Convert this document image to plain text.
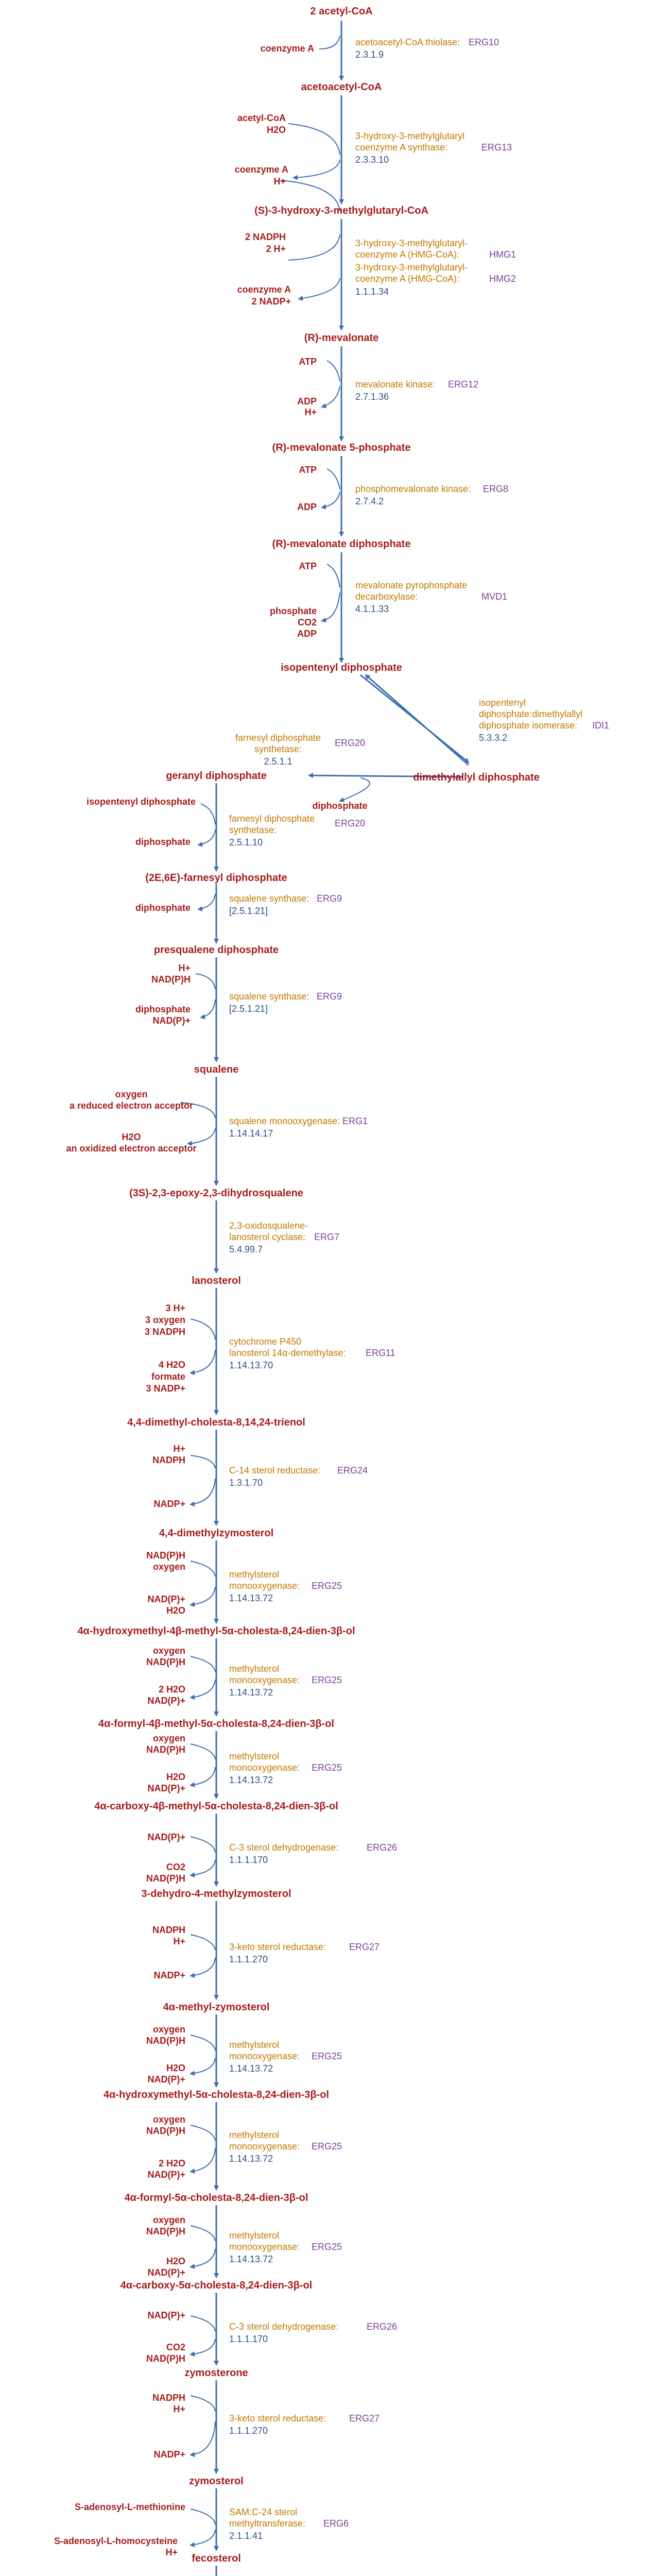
2 acetyl-CoA
acetoacetyl-CoA
(S)-3-hydroxy-3-methylglutaryl-CoA
(R)-mevalonate
(R)-mevalonate 5-phosphate
(R)-mevalonate diphosphate
isopentenyl diphosphate
dimethylallyl diphosphate
geranyl diphosphate
(2E,6E)-farnesyl diphosphate
presqualene diphosphate
squalene
(3S)-2,3-epoxy-2,3-dihydrosqualene
lanosterol
4,4-dimethyl-cholesta-8,14,24-trienol
4,4-dimethylzymosterol
4α-hydroxymethyl-4β-methyl-5α-cholesta-8,24-dien-3β-ol
4α-formyl-4β-methyl-5α-cholesta-8,24-dien-3β-ol
4α-carboxy-4β-methyl-5α-cholesta-8,24-dien-3β-ol
3-dehydro-4-methylzymosterol
4α-methyl-zymosterol
4α-hydroxymethyl-5α-cholesta-8,24-dien-3β-ol
4α-formyl-5α-cholesta-8,24-dien-3β-ol
4α-carboxy-5α-cholesta-8,24-dien-3β-ol
zymosterone
zymosterol
fecosterol
coenzyme A
acetyl-CoA
H2O
coenzyme A
H+
2 NADPH
2 H+
coenzyme A
2 NADP+
ATP
ADP
H+
ATP
ADP
ATP
phosphate
CO2
ADP
isopentenyl diphosphate
diphosphate
diphosphate
diphosphate
H+
NAD(P)H
diphosphate
NAD(P)+
oxygen
a reduced electron acceptor
H2O
an oxidized electron acceptor
3 H+
3 oxygen
3 NADPH
4 H2O
formate
3 NADP+
H+
NADPH
NADP+
NAD(P)H
oxygen
NAD(P)+
H2O
oxygen
NAD(P)H
2 H2O
NAD(P)+
oxygen
NAD(P)H
H2O
NAD(P)+
NAD(P)+
CO2
NAD(P)H
NADPH
H+
NADP+
oxygen
NAD(P)H
H2O
NAD(P)+
oxygen
NAD(P)H
2 H2O
NAD(P)+
oxygen
NAD(P)H
H2O
NAD(P)+
NAD(P)+
CO2
NAD(P)H
NADPH
H+
NADP+
S-adenosyl-L-methionine
S-adenosyl-L-homocysteine
H+
acetoacetyl-CoA thiolase: ERG10
2.3.1.9
3-hydroxy-3-methylglutaryl
coenzyme A synthase:	ERG13
2.3.3.10
3-hydroxy-3-methylglutaryl-
coenzyme A (HMG-CoA):	HMG1
3-hydroxy-3-methylglutaryl-
coenzyme A (HMG-CoA):	HMG2
1.1.1.34
mevalonate kinase: ERG12
2.7.1.36
phosphomevalonate kinase: ERG8
2.7.4.2
mevalonate pyrophosphate
decarboxylase:	MVD1
4.1.1.33
isopentenyl
diphosphate:dimethylallyl
diphosphate isomerase: IDI1
5.3.3.2
farnesyl diphosphate
synthetase:
ERG20
2.5.1.1
farnesyl diphosphate
synthetase:
ERG20
2.5.1.10
squalene synthase: ERG9
[2.5.1.21]
squalene synthase: ERG9
[2.5.1.21]
squalene monooxygenase: ERG1
1.14.14.17
2,3-oxidosqualene-
lanosterol cyclase: ERG7
5.4.99.7
cytochrome P450
lanosterol 14α-demethylase: ERG11
1.14.13.70
C-14 sterol reductase: ERG24
1.3.1.70
methylsterol
monooxygenase: ERG25
1.14.13.72
methylsterol
monooxygenase: ERG25
1.14.13.72
methylsterol
monooxygenase: ERG25
1.14.13.72
C-3 sterol dehydrogenase:	ERG26
1.1.1.170
3-keto sterol reductase: ERG27
1.1.1.270
methylsterol
monooxygenase: ERG25
1.14.13.72
methylsterol
monooxygenase: ERG25
1.14.13.72
methylsterol
monooxygenase: ERG25
1.14.13.72
C-3 sterol dehydrogenase:	ERG26
1.1.1.170
3-keto sterol reductase: ERG27
1.1.1.270
SAM:C-24 sterol
methyltransferase: ERG6
2.1.1.41
